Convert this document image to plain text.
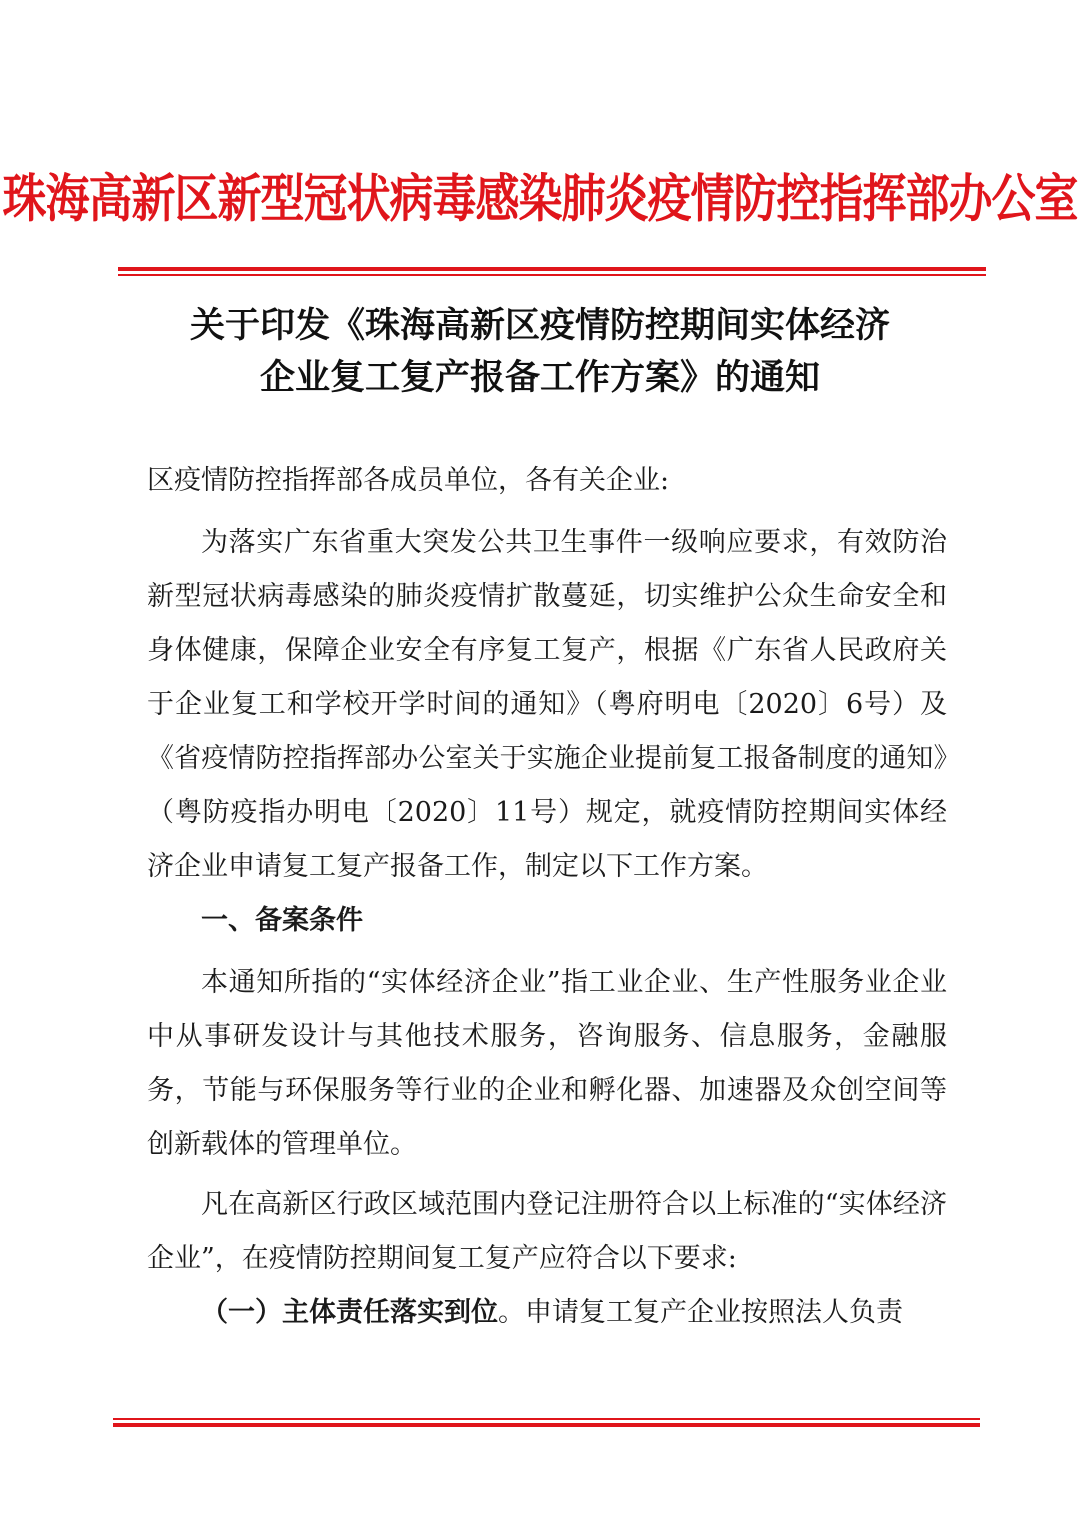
珠海高新区新型冠状病毒感染肺炎疫情防控指挥部办公室
关于印发《珠海高新区疫情防控期间实体经济
企业复工复产报备工作方案》的通知

区疫情防控指挥部各成员单位，各有关企业:

为落实广东省重大突发公共卫生事件一级响应要求，有效防治新型冠状病毒感染的肺炎疫情扩散蔓延，切实维护公众生命安全和身体健康，保障企业安全有序复工复产，根据《广东省人民政府关于企业复工和学校开学时间的通知》（粤府明电〔2020〕6号）及《省疫情防控指挥部办公室关于实施企业提前复工报备制度的通知》（粤防疫指办明电〔2020〕11号）规定，就疫情防控期间实体经济企业申请复工复产报备工作，制定以下工作方案。

一、备案条件

本通知所指的“实体经济企业”指工业企业、生产性服务业企业中从事研发设计与其他技术服务，咨询服务、信息服务，金融服务，节能与环保服务等行业的企业和孵化器、加速器及众创空间等创新载体的管理单位。

凡在高新区行政区域范围内登记注册符合以上标准的“实体经济企业”，在疫情防控期间复工复产应符合以下要求:

（一）主体责任落实到位。申请复工复产企业按照法人负责
